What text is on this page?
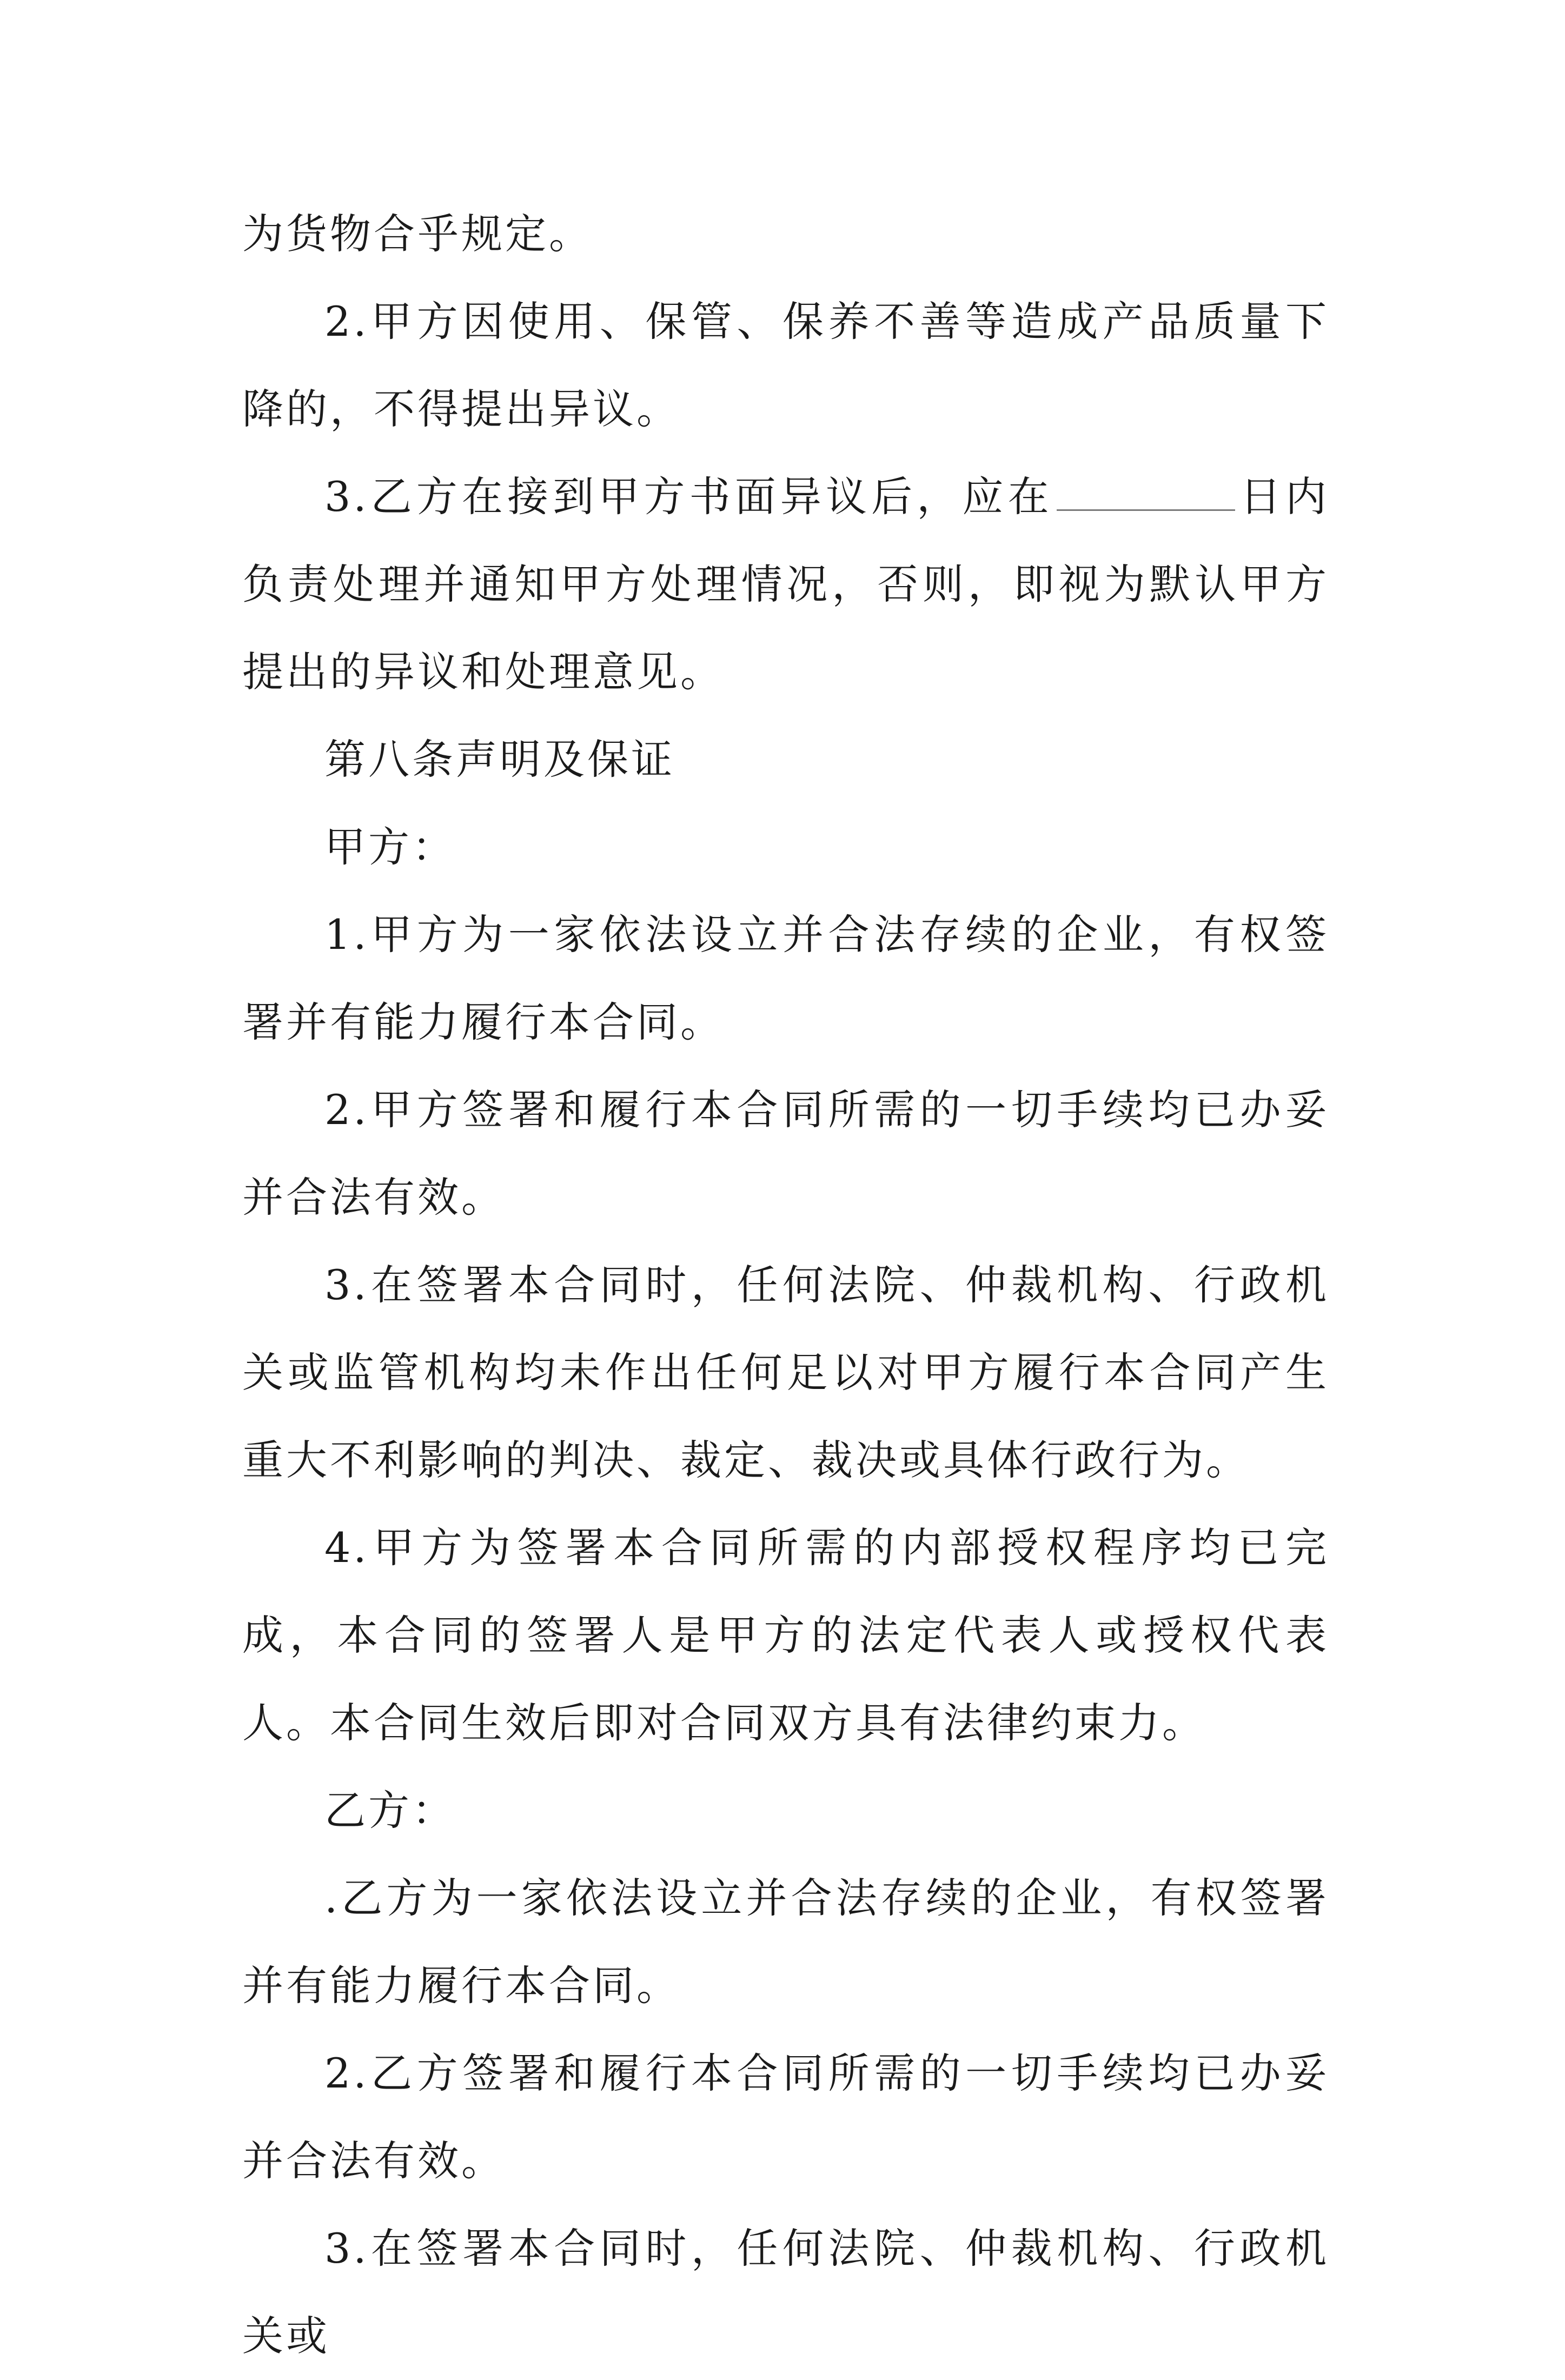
为货物合乎规定。

2.甲方因使用、保管、保养不善等造成产品质量下降的，不得提出异议。

3.乙方在接到甲方书面异议后，应在	日内负责处理并通知甲方处理情况，否则，即视为默认甲方提出的异议和处理意见。

第八条声明及保证

甲方：

1.甲方为一家依法设立并合法存续的企业，有权签署并有能力履行本合同。

2.甲方签署和履行本合同所需的一切手续均已办妥并合法有效。

3.在签署本合同时，任何法院、仲裁机构、行政机关或监管机构均未作出任何足以对甲方履行本合同产生重大不利影响的判决、裁定、裁决或具体行政行为。

4.甲方为签署本合同所需的内部授权程序均已完成，本合同的签署人是甲方的法定代表人或授权代表人。本合同生效后即对合同双方具有法律约束力。

乙方：

.乙方为一家依法设立并合法存续的企业，有权签署并有能力履行本合同。

2.乙方签署和履行本合同所需的一切手续均已办妥并合法有效。

3.在签署本合同时，任何法院、仲裁机构、行政机关或
